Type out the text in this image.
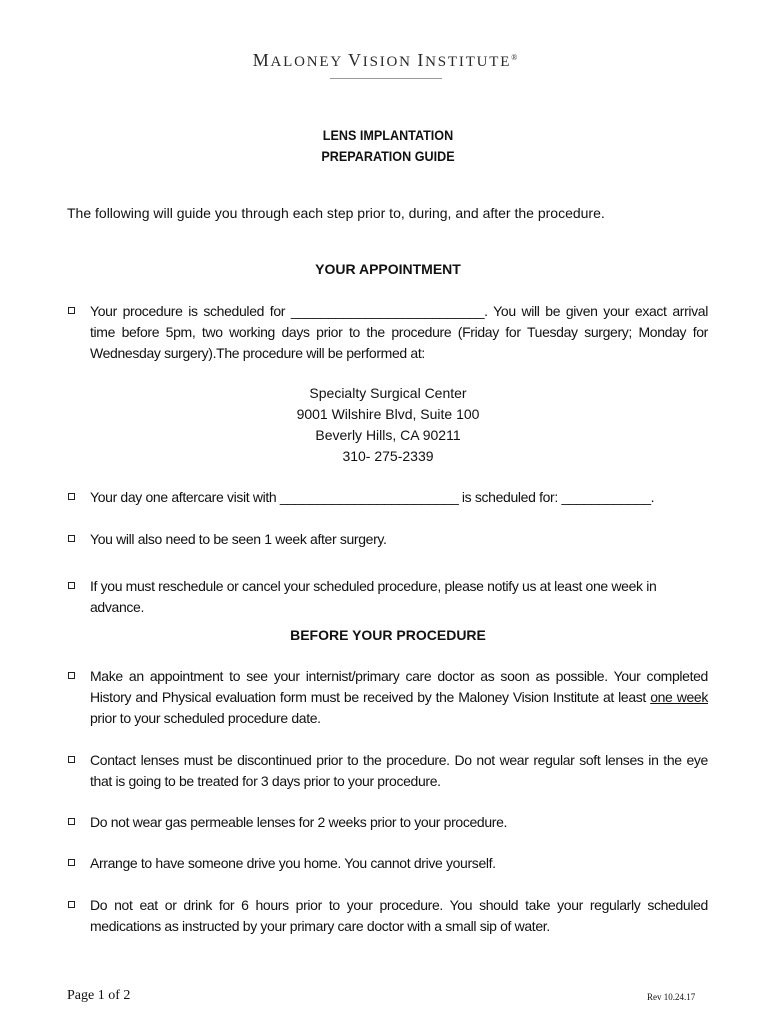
MALONEY VISION INSTITUTE®
LENS IMPLANTATION
PREPARATION GUIDE
The following will guide you through each step prior to, during, and after the procedure.
YOUR APPOINTMENT
Your procedure is scheduled for __________________________. You will be given your exact arrival time before 5pm, two working days prior to the procedure (Friday for Tuesday surgery; Monday for Wednesday surgery).The procedure will be performed at:
Specialty Surgical Center
9001 Wilshire Blvd, Suite 100
Beverly Hills, CA 90211
310- 275-2339
Your day one aftercare visit with ________________________ is scheduled for: ____________.
You will also need to be seen 1 week after surgery.
If you must reschedule or cancel your scheduled procedure, please notify us at least one week in advance.
BEFORE YOUR PROCEDURE
Make an appointment to see your internist/primary care doctor as soon as possible. Your completed History and Physical evaluation form must be received by the Maloney Vision Institute at least one week prior to your scheduled procedure date.
Contact lenses must be discontinued prior to the procedure. Do not wear regular soft lenses in the eye that is going to be treated for 3 days prior to your procedure.
Do not wear gas permeable lenses for 2 weeks prior to your procedure.
Arrange to have someone drive you home. You cannot drive yourself.
Do not eat or drink for 6 hours prior to your procedure. You should take your regularly scheduled medications as instructed by your primary care doctor with a small sip of water.
Page 1 of 2	Rev 10.24.17
